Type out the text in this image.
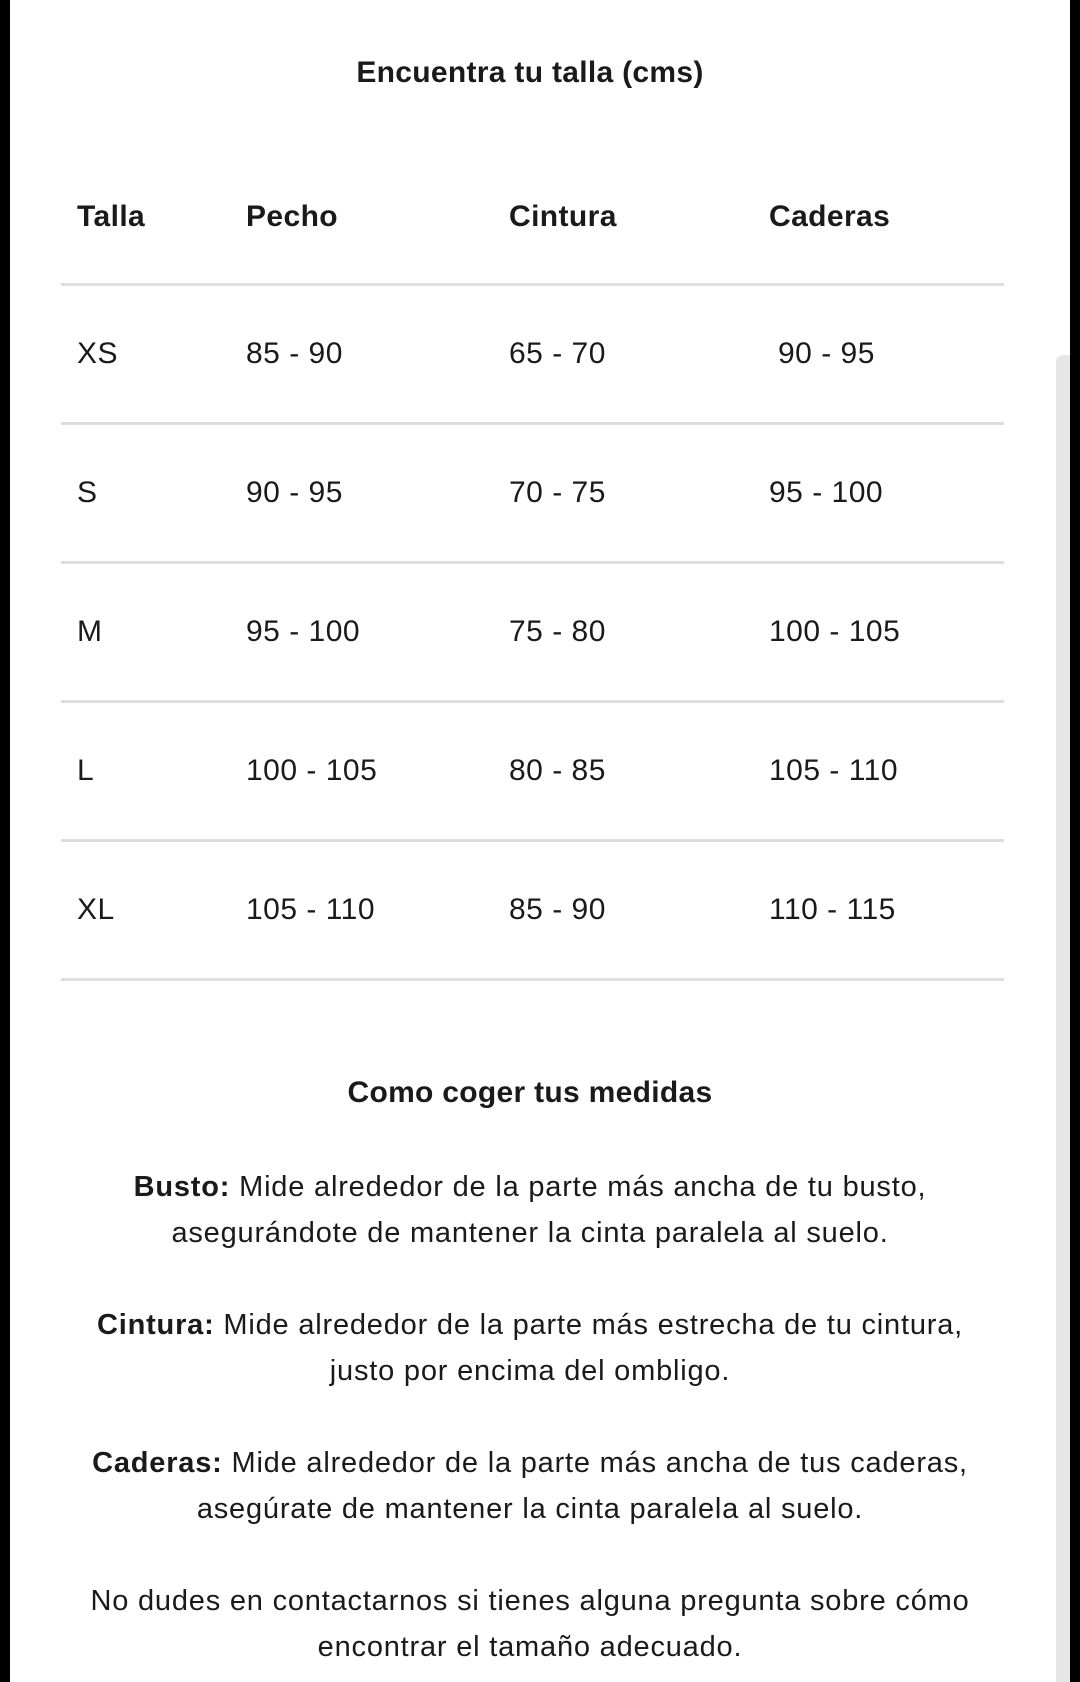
Encuentra tu talla (cms)
Talla	Pecho	Cintura	Caderas
XS	85 - 90	65 - 70	90 - 95
S	90 - 95	70 - 75	95 - 100
M	95 - 100	75 - 80	100 - 105
L	100 - 105	80 - 85	105 - 110
XL	105 - 110	85 - 90	110 - 115
Como coger tus medidas
Busto: Mide alrededor de la parte más ancha de tu busto, asegurándote de mantener la cinta paralela al suelo.
Cintura: Mide alrededor de la parte más estrecha de tu cintura, justo por encima del ombligo.
Caderas: Mide alrededor de la parte más ancha de tus caderas, asegúrate de mantener la cinta paralela al suelo.
No dudes en contactarnos si tienes alguna pregunta sobre cómo encontrar el tamaño adecuado.
